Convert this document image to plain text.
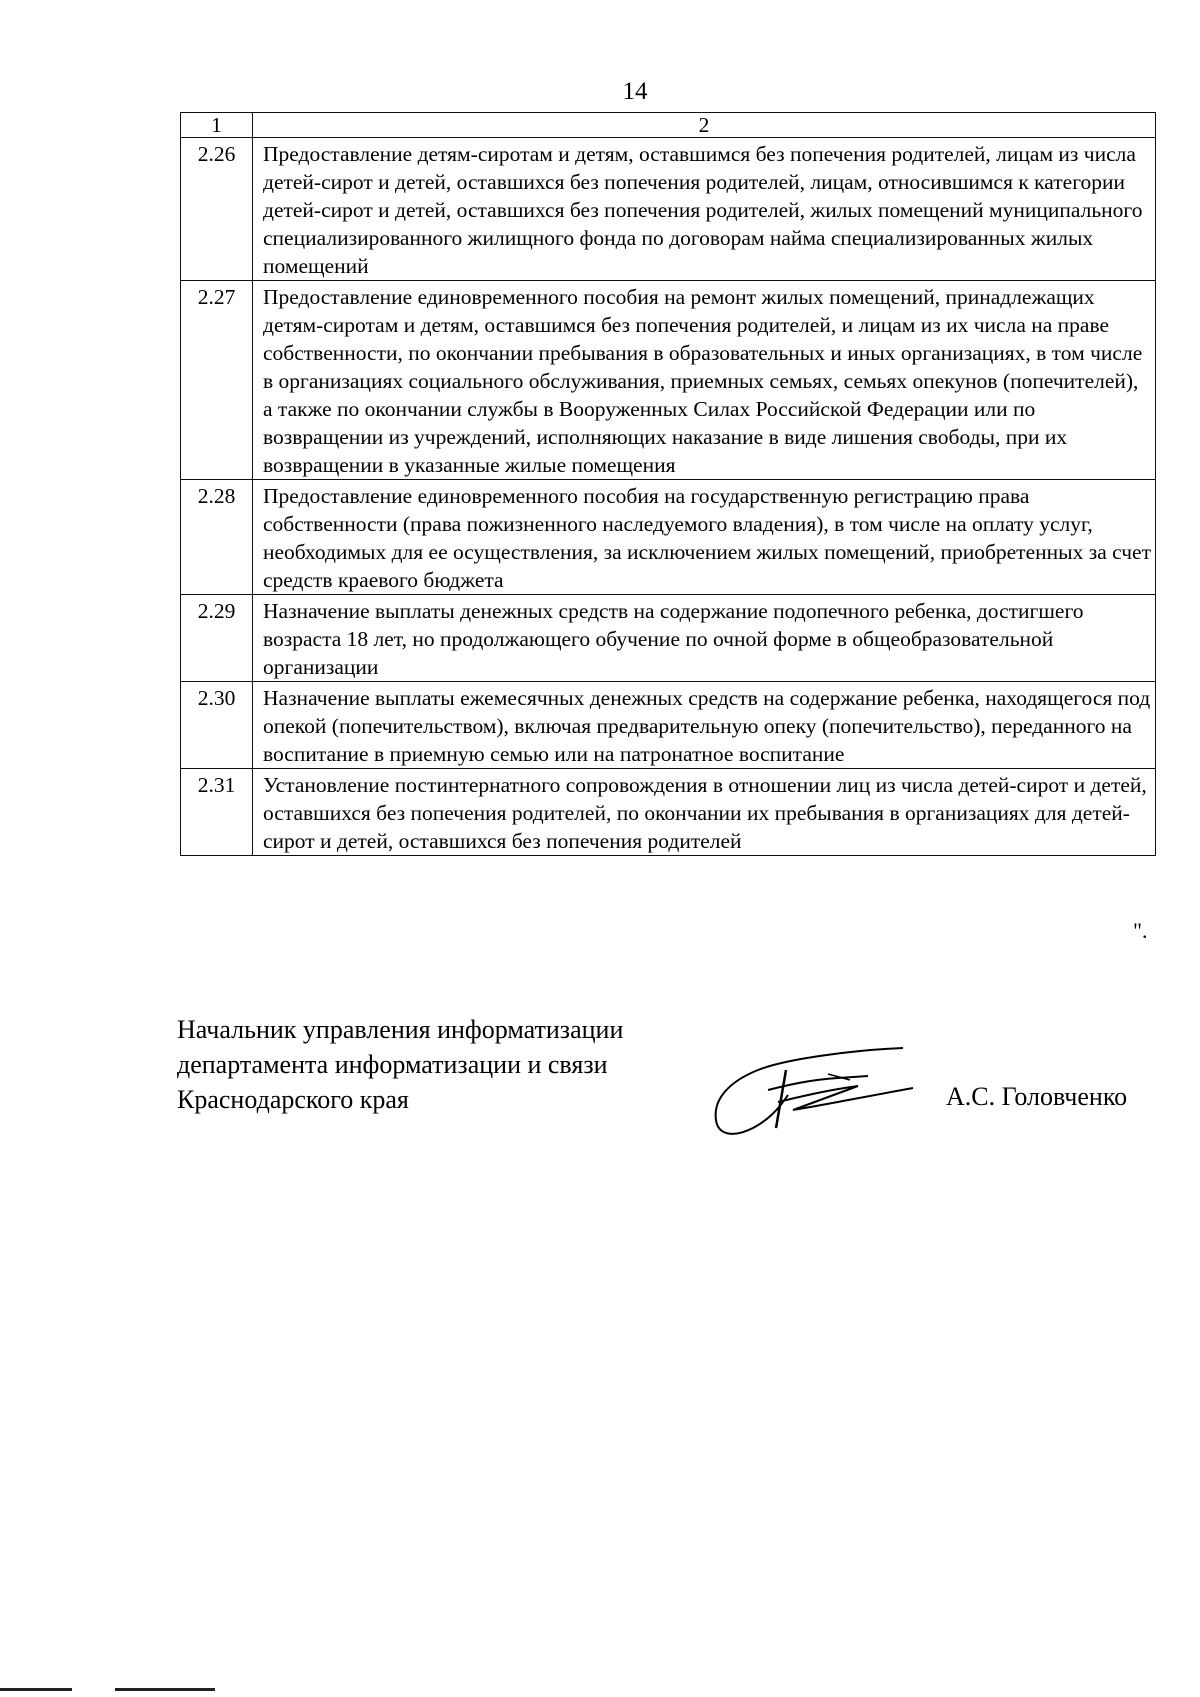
14
1	2
2.26	Предоставление детям-сиротам и детям, оставшимся без попечения родителей, лицам из числа детей-сирот и детей, оставшихся без попечения родителей, лицам, относившимся к категории детей-сирот и детей, оставшихся без попечения родителей, жилых помещений муниципального специализированного жилищного фонда по договорам найма специализированных жилых помещений
2.27	Предоставление единовременного пособия на ремонт жилых помещений, принадлежащих детям-сиротам и детям, оставшимся без попечения родителей, и лицам из их числа на праве собственности, по окончании пребывания в образовательных и иных организациях, в том числе в организациях социального обслуживания, приемных семьях, семьях опекунов (попечителей), а также по окончании службы в Вооруженных Силах Российской Федерации или по возвращении из учреждений, исполняющих наказание в виде лишения свободы, при их возвращении в указанные жилые помещения
2.28	Предоставление единовременного пособия на государственную регистрацию права собственности (права пожизненного наследуемого владения), в том числе на оплату услуг, необходимых для ее осуществления, за исключением жилых помещений, приобретенных за счет средств краевого бюджета
2.29	Назначение выплаты денежных средств на содержание подопечного ребенка, достигшего возраста 18 лет, но продолжающего обучение по очной форме в общеобразовательной организации
2.30	Назначение выплаты ежемесячных денежных средств на содержание ребенка, находящегося под опекой (попечительством), включая предварительную опеку (попечительство), переданного на воспитание в приемную семью или на патронатное воспитание
2.31	Установление постинтернатного сопровождения в отношении лиц из числа детей-сирот и детей, оставшихся без попечения родителей, по окончании их пребывания в организациях для детей-сирот и детей, оставшихся без попечения родителей
".
Начальник управления информатизации
департамента информатизации и связи
Краснодарского края	А.С. Головченко
